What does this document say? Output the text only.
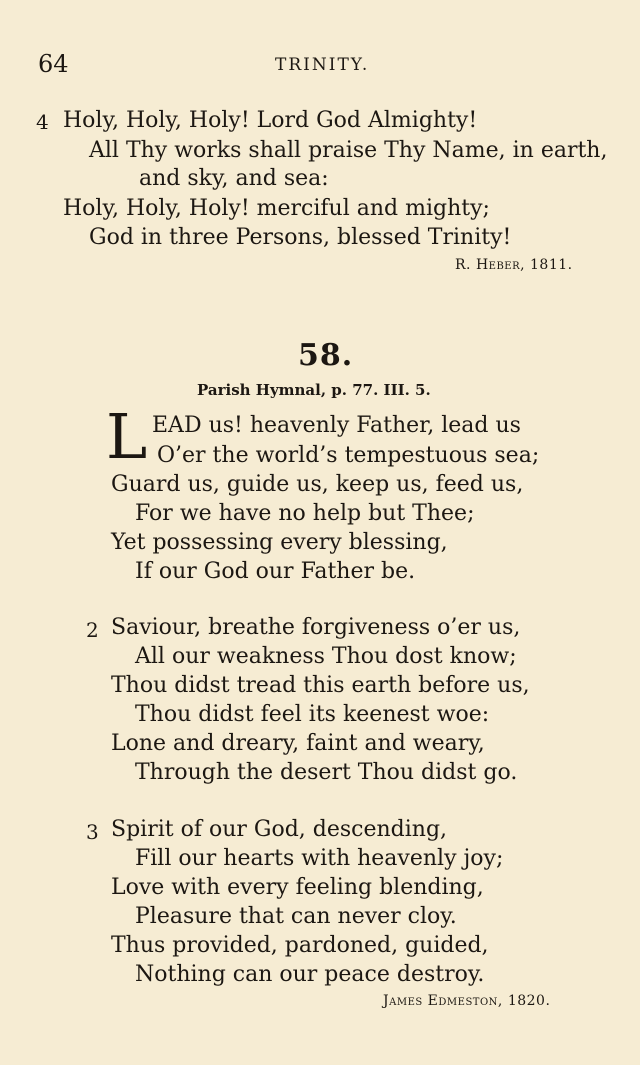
64	TRINITY.
4 Holy, Holy, Holy! Lord God Almighty!
All Thy works shall praise Thy Name, in earth,
and sky, and sea:
Holy, Holy, Holy! merciful and mighty;
God in three Persons, blessed Trinity!
R. Heber, 1811.
58.
Parish Hymnal, p. 77. III. 5.
L EAD us! heavenly Father, lead us
O’er the world’s tempestuous sea;
Guard us, guide us, keep us, feed us,
For we have no help but Thee;
Yet possessing every blessing,
If our God our Father be.
2 Saviour, breathe forgiveness o’er us,
All our weakness Thou dost know;
Thou didst tread this earth before us,
Thou didst feel its keenest woe:
Lone and dreary, faint and weary,
Through the desert Thou didst go.
3 Spirit of our God, descending,
Fill our hearts with heavenly joy;
Love with every feeling blending,
Pleasure that can never cloy.
Thus provided, pardoned, guided,
Nothing can our peace destroy.
James Edmeston, 1820.
